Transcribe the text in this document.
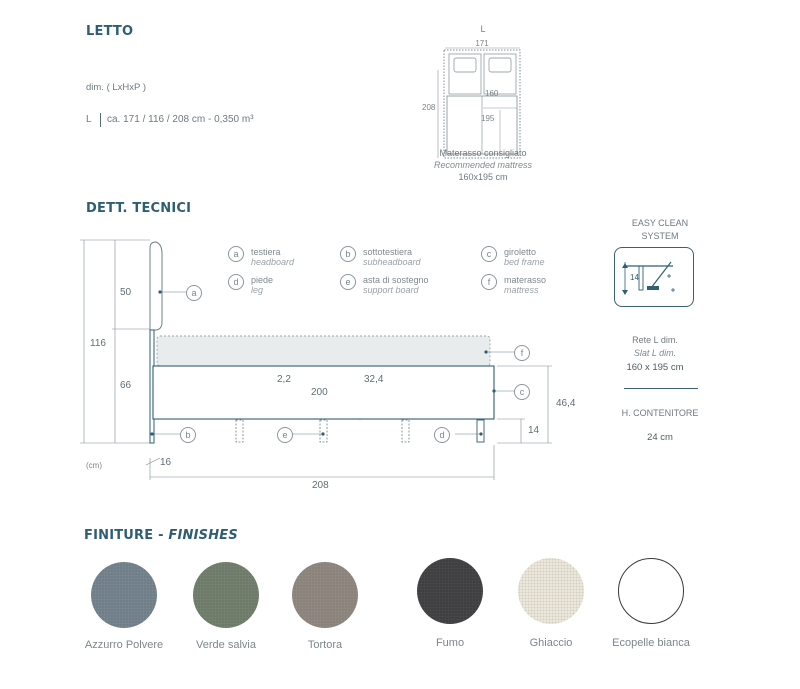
LETTO
dim. ( LxHxP )
L ca. 171 / 116 / 208 cm - 0,350 m³
L
171
208
160
195
Materasso consigliato
Recommended mattress
160x195 cm
DETT. TECNICI
a	testiera
headboard
b	sottotestiera
subheadboard
c	giroletto
bed frame
d	piede
leg
e	asta di sostegno
support board
f	materasso
mattress
a
f
c
b	e	d
116
50
66
2,2	32,4
200
46,4
14
16
208
(cm)
EASY CLEAN
SYSTEM
14
Rete L dim.
Slat L dim.
160 x 195 cm
H. CONTENITORE
24 cm
FINITURE - FINISHES
Azzurro Polvere	Verde salvia	Tortora	Fumo	Ghiaccio	Ecopelle bianca
